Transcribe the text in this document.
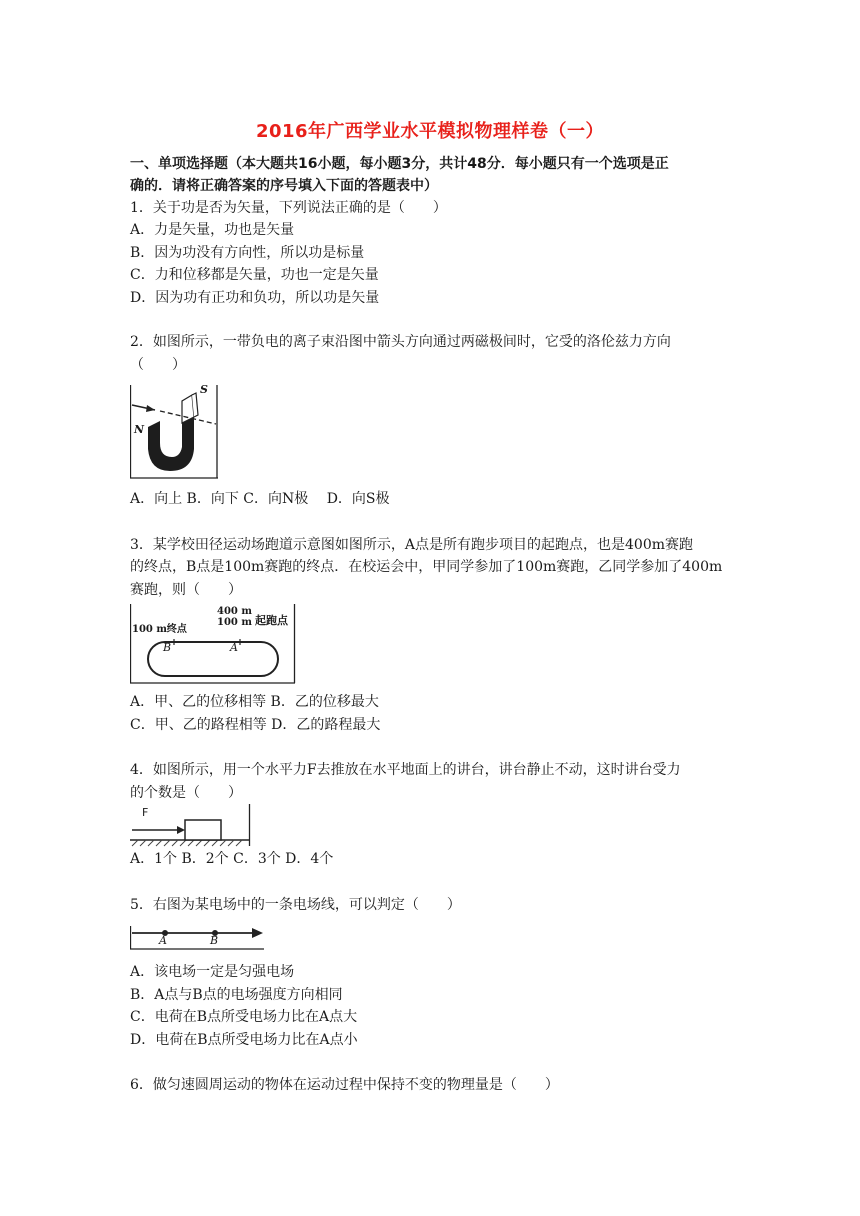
2016年广西学业水平模拟物理样卷（一）
一、单项选择题（本大题共16小题，每小题3分，共计48分．每小题只有一个选项是正
确的．请将正确答案的序号填入下面的答题表中）
1．关于功是否为矢量，下列说法正确的是（　　）
A．力是矢量，功也是矢量
B．因为功没有方向性，所以功是标量
C．力和位移都是矢量，功也一定是矢量
D．因为功有正功和负功，所以功是矢量
2．如图所示，一带负电的离子束沿图中箭头方向通过两磁极间时，它受的洛伦兹力方向
（　　）
N
S
A．向上 B．向下 C．向N极　 D．向S极
3．某学校田径运动场跑道示意图如图所示，A点是所有跑步项目的起跑点，也是400m赛跑
的终点，B点是100m赛跑的终点．在校运会中，甲同学参加了100m赛跑，乙同学参加了400m
赛跑，则（　　）
100 m终点
400 m
100 m 起跑点
B	A
A．甲、乙的位移相等 B．乙的位移最大
C．甲、乙的路程相等 D．乙的路程最大
4．如图所示，用一个水平力F去推放在水平地面上的讲台，讲台静止不动，这时讲台受力
的个数是（　　）
F
A．1个 B．2个 C．3个 D．4个
5．右图为某电场中的一条电场线，可以判定（　　）
A	B
A．该电场一定是匀强电场
B．A点与B点的电场强度方向相同
C．电荷在B点所受电场力比在A点大
D．电荷在B点所受电场力比在A点小
6．做匀速圆周运动的物体在运动过程中保持不变的物理量是（　　）
